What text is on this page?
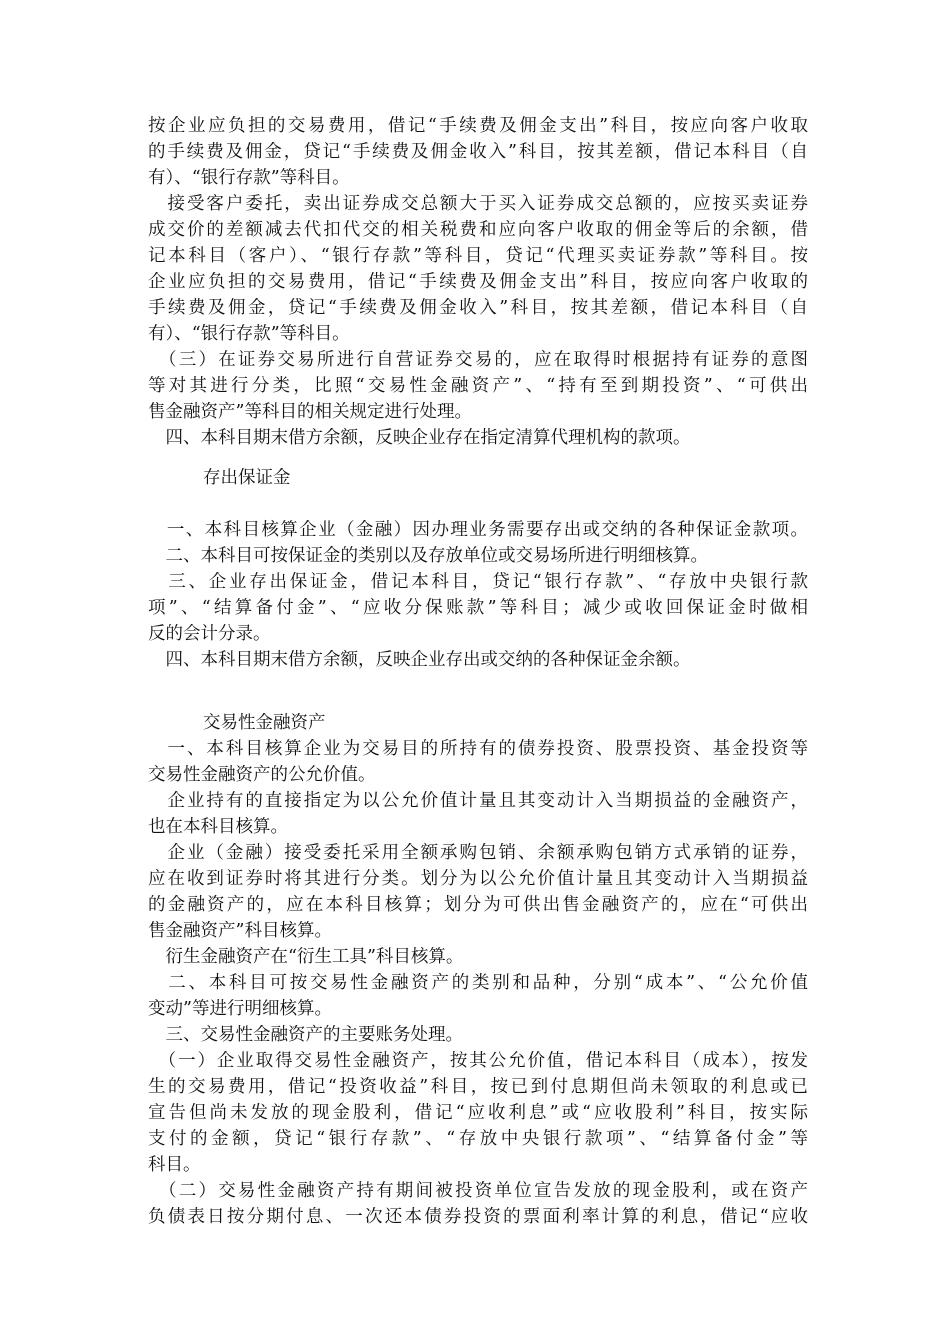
按企业应负担的交易费用，借记“手续费及佣金支出”科目，按应向客户收取
的手续费及佣金，贷记“手续费及佣金收入”科目，按其差额，借记本科目（自
有）、“银行存款”等科目。
　接受客户委托，卖出证券成交总额大于买入证券成交总额的，应按买卖证券
成交价的差额减去代扣代交的相关税费和应向客户收取的佣金等后的余额，借
记本科目（客户）、“银行存款”等科目，贷记“代理买卖证券款”等科目。按
企业应负担的交易费用，借记“手续费及佣金支出”科目，按应向客户收取的
手续费及佣金，贷记“手续费及佣金收入”科目，按其差额，借记本科目（自
有）、“银行存款”等科目。
　（三）在证券交易所进行自营证券交易的，应在取得时根据持有证券的意图
等对其进行分类，比照“交易性金融资产”、“持有至到期投资”、“可供出
售金融资产”等科目的相关规定进行处理。
　四、本科目期末借方余额，反映企业存在指定清算代理机构的款项。
存出保证金
　一、本科目核算企业（金融）因办理业务需要存出或交纳的各种保证金款项。
　二、本科目可按保证金的类别以及存放单位或交易场所进行明细核算。
　三、企业存出保证金，借记本科目，贷记“银行存款”、“存放中央银行款
项”、“结算备付金”、“应收分保账款”等科目；减少或收回保证金时做相
反的会计分录。
　四、本科目期末借方余额，反映企业存出或交纳的各种保证金余额。
交易性金融资产
　一、本科目核算企业为交易目的所持有的债券投资、股票投资、基金投资等
交易性金融资产的公允价值。
　企业持有的直接指定为以公允价值计量且其变动计入当期损益的金融资产，
也在本科目核算。
　企业（金融）接受委托采用全额承购包销、余额承购包销方式承销的证券，
应在收到证券时将其进行分类。划分为以公允价值计量且其变动计入当期损益
的金融资产的，应在本科目核算；划分为可供出售金融资产的，应在“可供出
售金融资产”科目核算。
　衍生金融资产在“衍生工具”科目核算。
　二、本科目可按交易性金融资产的类别和品种，分别“成本”、“公允价值
变动”等进行明细核算。
　三、交易性金融资产的主要账务处理。
　（一）企业取得交易性金融资产，按其公允价值，借记本科目（成本），按发
生的交易费用，借记“投资收益”科目，按已到付息期但尚未领取的利息或已
宣告但尚未发放的现金股利，借记“应收利息”或“应收股利”科目，按实际
支付的金额，贷记“银行存款”、“存放中央银行款项”、“结算备付金”等
科目。
　（二）交易性金融资产持有期间被投资单位宣告发放的现金股利，或在资产
负债表日按分期付息、一次还本债券投资的票面利率计算的利息，借记“应收
